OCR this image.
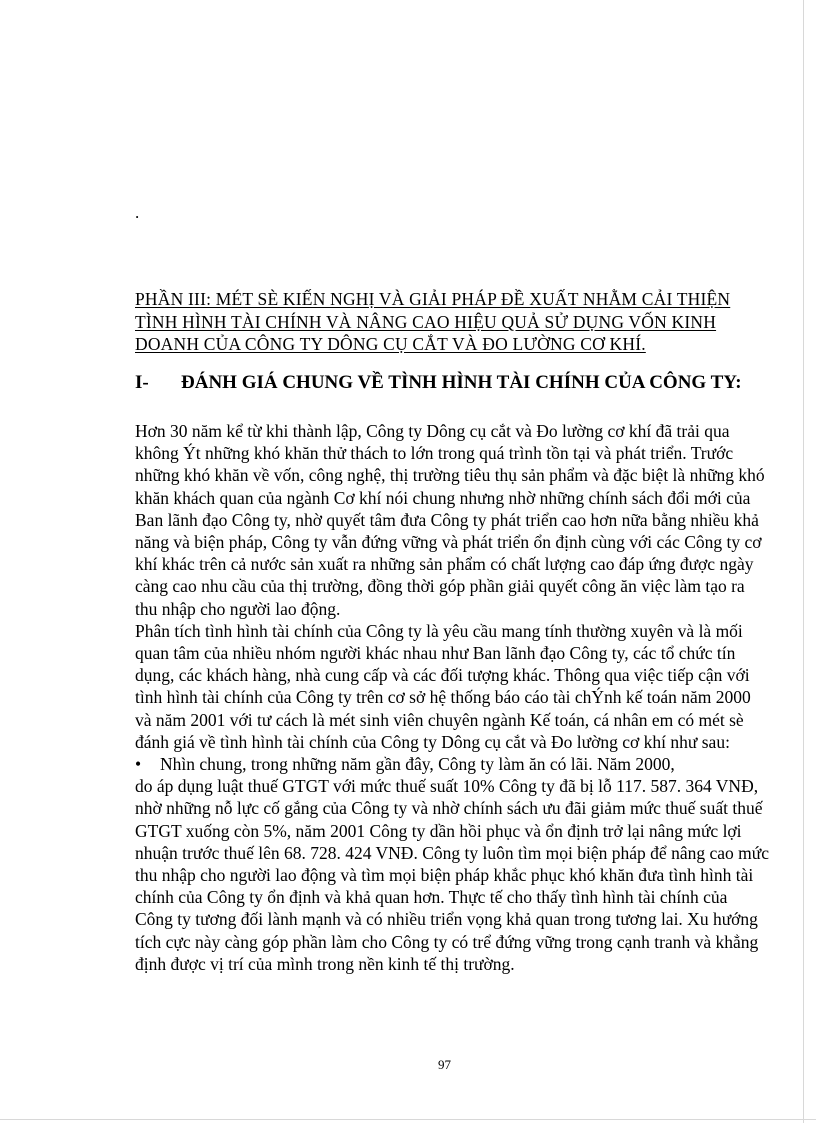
.
PHẦN III: MÉT SÈ KIẾN NGHỊ VÀ GIẢI PHÁP ĐỀ XUẤT NHẰM CẢI THIỆN TÌNH HÌNH TÀI CHÍNH VÀ NÂNG CAO HIỆU QUẢ SỬ DỤNG VỐN KINH DOANH CỦA CÔNG TY DÔNG CỤ CẮT VÀ ĐO LƯỜNG CƠ KHÍ.
I- ĐÁNH GIÁ CHUNG VỀ TÌNH HÌNH TÀI CHÍNH CỦA CÔNG TY:

Hơn 30 năm kể từ khi thành lập, Công ty Dông cụ cắt và Đo lường cơ khí đã trải qua không Ýt những khó khăn thử thách to lớn trong quá trình tồn tại và phát triển. Trước những khó khăn về vốn, công nghệ, thị trường tiêu thụ sản phẩm và đặc biệt là những khó khăn khách quan của ngành Cơ khí nói chung nhưng nhờ những chính sách đổi mới của Ban lãnh đạo Công ty, nhờ quyết tâm đưa Công ty phát triển cao hơn nữa bằng nhiều khả năng và biện pháp, Công ty vẫn đứng vững và phát triển ổn định cùng với các Công ty cơ khí khác trên cả nước sản xuất ra những sản phẩm có chất lượng cao đáp ứng được ngày càng cao nhu cầu của thị trường, đồng thời góp phần giải quyết công ăn việc làm tạo ra thu nhập cho người lao động.

Phân tích tình hình tài chính của Công ty là yêu cầu mang tính thường xuyên và là mối quan tâm của nhiều nhóm người khác nhau như Ban lãnh đạo Công ty, các tổ chức tín dụng, các khách hàng, nhà cung cấp và các đối tượng khác. Thông qua việc tiếp cận với tình hình tài chính của Công ty trên cơ sở hệ thống báo cáo tài chÝnh kế toán năm 2000 và năm 2001 với tư cách là mét sinh viên chuyên ngành Kế toán, cá nhân em có mét sè đánh giá về tình hình tài chính của Công ty Dông cụ cắt và Đo lường cơ khí như sau:

•	Nhìn chung, trong những năm gần đây, Công ty làm ăn có lãi. Năm 2000,

do áp dụng luật thuế GTGT với mức thuế suất 10% Công ty đã bị lỗ 117. 587. 364 VNĐ, nhờ những nỗ lực cố gắng của Công ty và nhờ chính sách ưu đãi giảm mức thuế suất thuế GTGT xuống còn 5%, năm 2001 Công ty dần hồi phục và ổn định trở lại nâng mức lợi nhuận trước thuế lên 68. 728. 424 VNĐ. Công ty luôn tìm mọi biện pháp để nâng cao mức thu nhập cho người lao động và tìm mọi biện pháp khắc phục khó khăn đưa tình hình tài chính của Công ty ổn định và khả quan hơn. Thực tế cho thấy tình hình tài chính của Công ty tương đối lành mạnh và có nhiều triển vọng khả quan trong tương lai. Xu hướng tích cực này càng góp phần làm cho Công ty có trể đứng vững trong cạnh tranh và khẳng định được vị trí của mình trong nền kinh tế thị trường.

97
